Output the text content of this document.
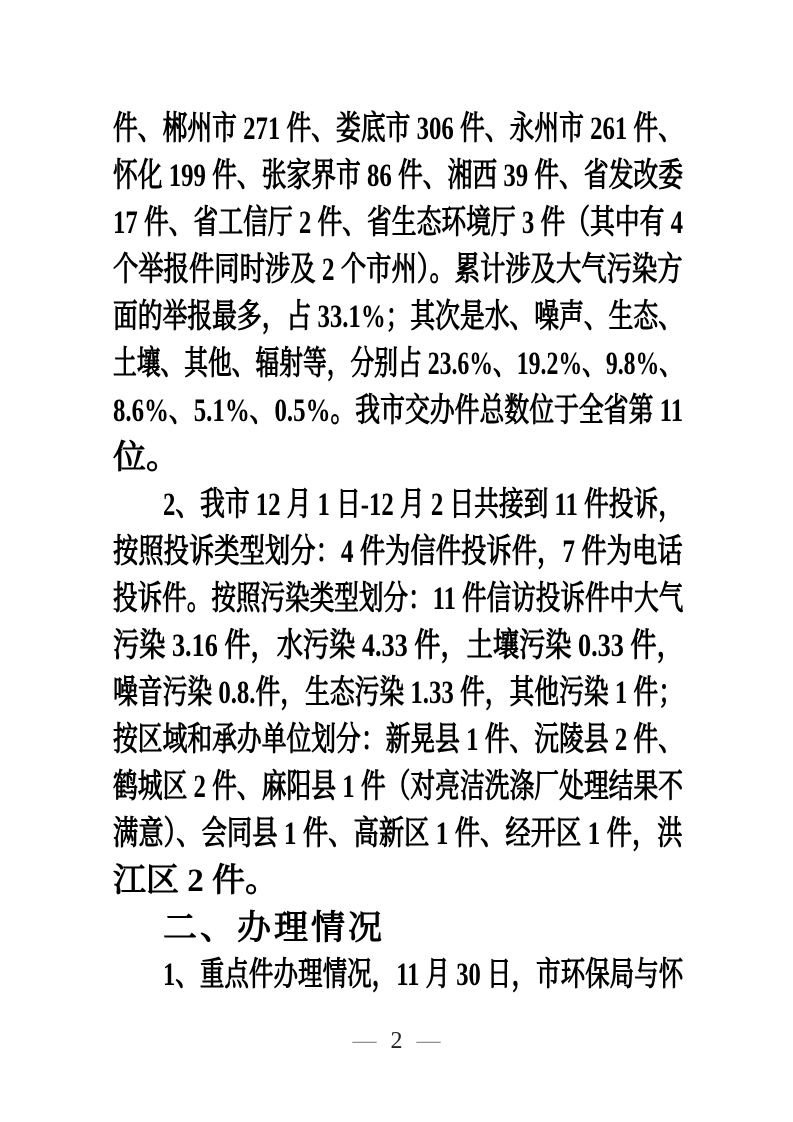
件、郴州市 271 件、娄底市 306 件、永州市 261 件、
怀化 199 件、张家界市 86 件、湘西 39 件、省发改委
17 件、省工信厅 2 件、省生态环境厅 3 件（其中有 4
个举报件同时涉及 2 个市州）。累计涉及大气污染方
面的举报最多，占 33.1%；其次是水、噪声、生态、
土壤、其他、辐射等，分别占 23.6%、19.2%、9.8%、
8.6%、5.1%、0.5%。我市交办件总数位于全省第 11
位。
2、我市 12 月 1 日-12 月 2 日共接到 11 件投诉，
按照投诉类型划分：4 件为信件投诉件，7 件为电话
投诉件。按照污染类型划分：11 件信访投诉件中大气
污染 3.16 件，水污染 4.33 件，土壤污染 0.33 件，
噪音污染 0.8.件，生态污染 1.33 件，其他污染 1 件；
按区域和承办单位划分：新晃县 1 件、沅陵县 2 件、
鹤城区 2 件、麻阳县 1 件（对亮洁洗涤厂处理结果不
满意）、会同县 1 件、高新区 1 件、经开区 1 件，洪
江区 2 件。
二、办理情况
1、重点件办理情况，11 月 30 日，市环保局与怀
— 2 —
